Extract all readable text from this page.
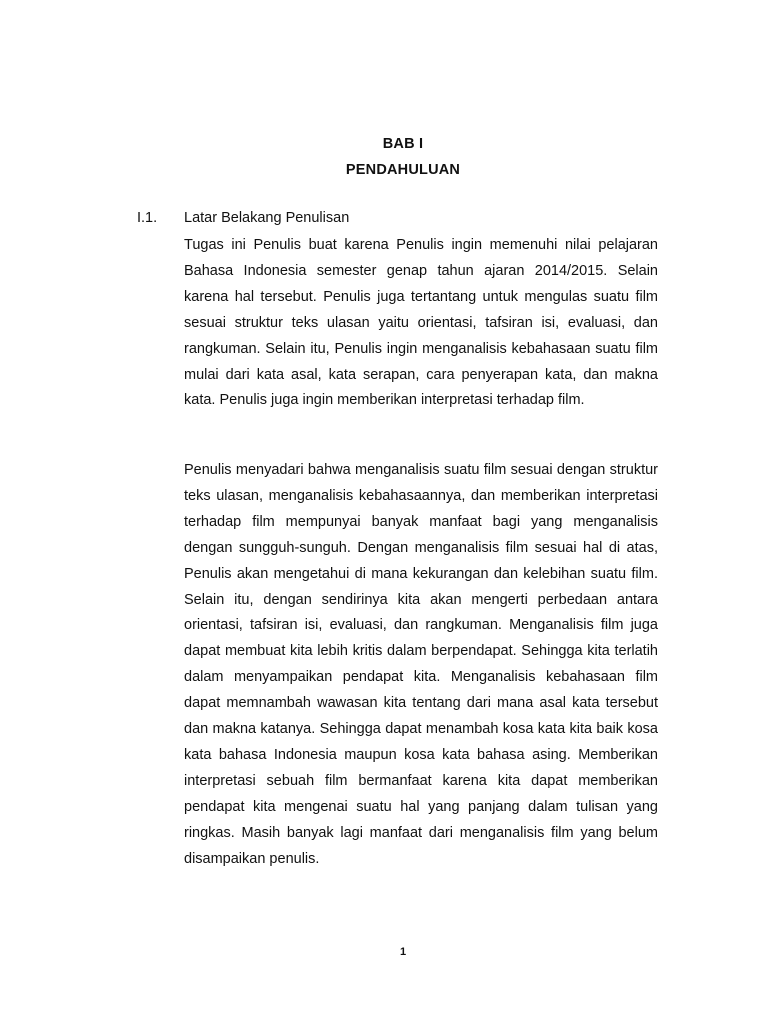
BAB I
PENDAHULUAN
I.1. Latar Belakang Penulisan

Tugas ini Penulis buat karena Penulis ingin memenuhi nilai pelajaran Bahasa Indonesia semester genap tahun ajaran 2014/2015. Selain karena hal tersebut. Penulis juga tertantang untuk mengulas suatu film sesuai struktur teks ulasan yaitu orientasi, tafsiran isi, evaluasi, dan rangkuman. Selain itu, Penulis ingin menganalisis kebahasaan suatu film mulai dari kata asal, kata serapan, cara penyerapan kata, dan makna kata. Penulis juga ingin memberikan interpretasi terhadap film.

Penulis menyadari bahwa menganalisis suatu film sesuai dengan struktur teks ulasan, menganalisis kebahasaannya, dan memberikan interpretasi terhadap film mempunyai banyak manfaat bagi yang menganalisis dengan sungguh-sunguh. Dengan menganalisis film sesuai hal di atas, Penulis akan mengetahui di mana kekurangan dan kelebihan suatu film. Selain itu, dengan sendirinya kita akan mengerti perbedaan antara orientasi, tafsiran isi, evaluasi, dan rangkuman. Menganalisis film juga dapat membuat kita lebih kritis dalam berpendapat. Sehingga kita terlatih dalam menyampaikan pendapat kita. Menganalisis kebahasaan film dapat memnambah wawasan kita tentang dari mana asal kata tersebut dan makna katanya. Sehingga dapat menambah kosa kata kita baik kosa kata bahasa Indonesia maupun kosa kata bahasa asing. Memberikan interpretasi sebuah film bermanfaat karena kita dapat memberikan pendapat kita mengenai suatu hal yang panjang dalam tulisan yang ringkas. Masih banyak lagi manfaat dari menganalisis film yang belum disampaikan penulis.

1
